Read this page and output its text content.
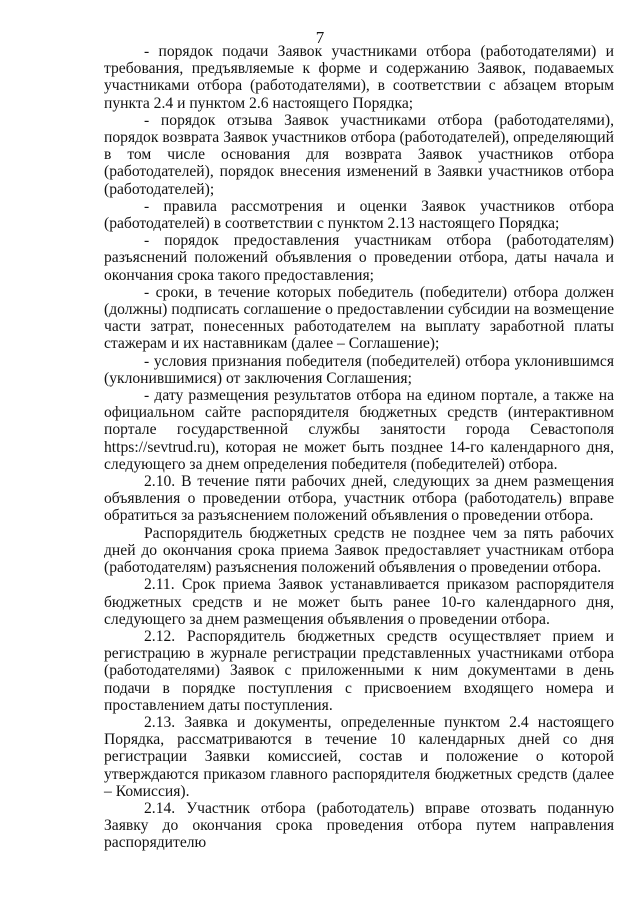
7

- порядок подачи Заявок участниками отбора (работодателями) и требования, предъявляемые к форме и содержанию Заявок, подаваемых участниками отбора (работодателями), в соответствии с абзацем вторым пункта 2.4 и пунктом 2.6 настоящего Порядка;

- порядок отзыва Заявок участниками отбора (работодателями), порядок возврата Заявок участников отбора (работодателей), определяющий в том числе основания для возврата Заявок участников отбора (работодателей), порядок внесения изменений в Заявки участников отбора (работодателей);

- правила рассмотрения и оценки Заявок участников отбора (работодателей) в соответствии с пунктом 2.13 настоящего Порядка;

- порядок предоставления участникам отбора (работодателям) разъяснений положений объявления о проведении отбора, даты начала и окончания срока такого предоставления;

- сроки, в течение которых победитель (победители) отбора должен (должны) подписать соглашение о предоставлении субсидии на возмещение части затрат, понесенных работодателем на выплату заработной платы стажерам и их наставникам (далее – Соглашение);

- условия признания победителя (победителей) отбора уклонившимся (уклонившимися) от заключения Соглашения;

- дату размещения результатов отбора на едином портале, а также на официальном сайте распорядителя бюджетных средств (интерактивном портале государственной службы занятости города Севастополя https://sevtrud.ru), которая не может быть позднее 14-го календарного дня, следующего за днем определения победителя (победителей) отбора.

2.10. В течение пяти рабочих дней, следующих за днем размещения объявления о проведении отбора, участник отбора (работодатель) вправе обратиться за разъяснением положений объявления о проведении отбора.

Распорядитель бюджетных средств не позднее чем за пять рабочих дней до окончания срока приема Заявок предоставляет участникам отбора (работодателям) разъяснения положений объявления о проведении отбора.

2.11. Срок приема Заявок устанавливается приказом распорядителя бюджетных средств и не может быть ранее 10-го календарного дня, следующего за днем размещения объявления о проведении отбора.

2.12. Распорядитель бюджетных средств осуществляет прием и регистрацию в журнале регистрации представленных участниками отбора (работодателями) Заявок с приложенными к ним документами в день подачи в порядке поступления с присвоением входящего номера и проставлением даты поступления.

2.13. Заявка и документы, определенные пунктом 2.4 настоящего Порядка, рассматриваются в течение 10 календарных дней со дня регистрации Заявки комиссией, состав и положение о которой утверждаются приказом главного распорядителя бюджетных средств (далее – Комиссия).

2.14. Участник отбора (работодатель) вправе отозвать поданную Заявку до окончания срока проведения отбора путем направления распорядителю
